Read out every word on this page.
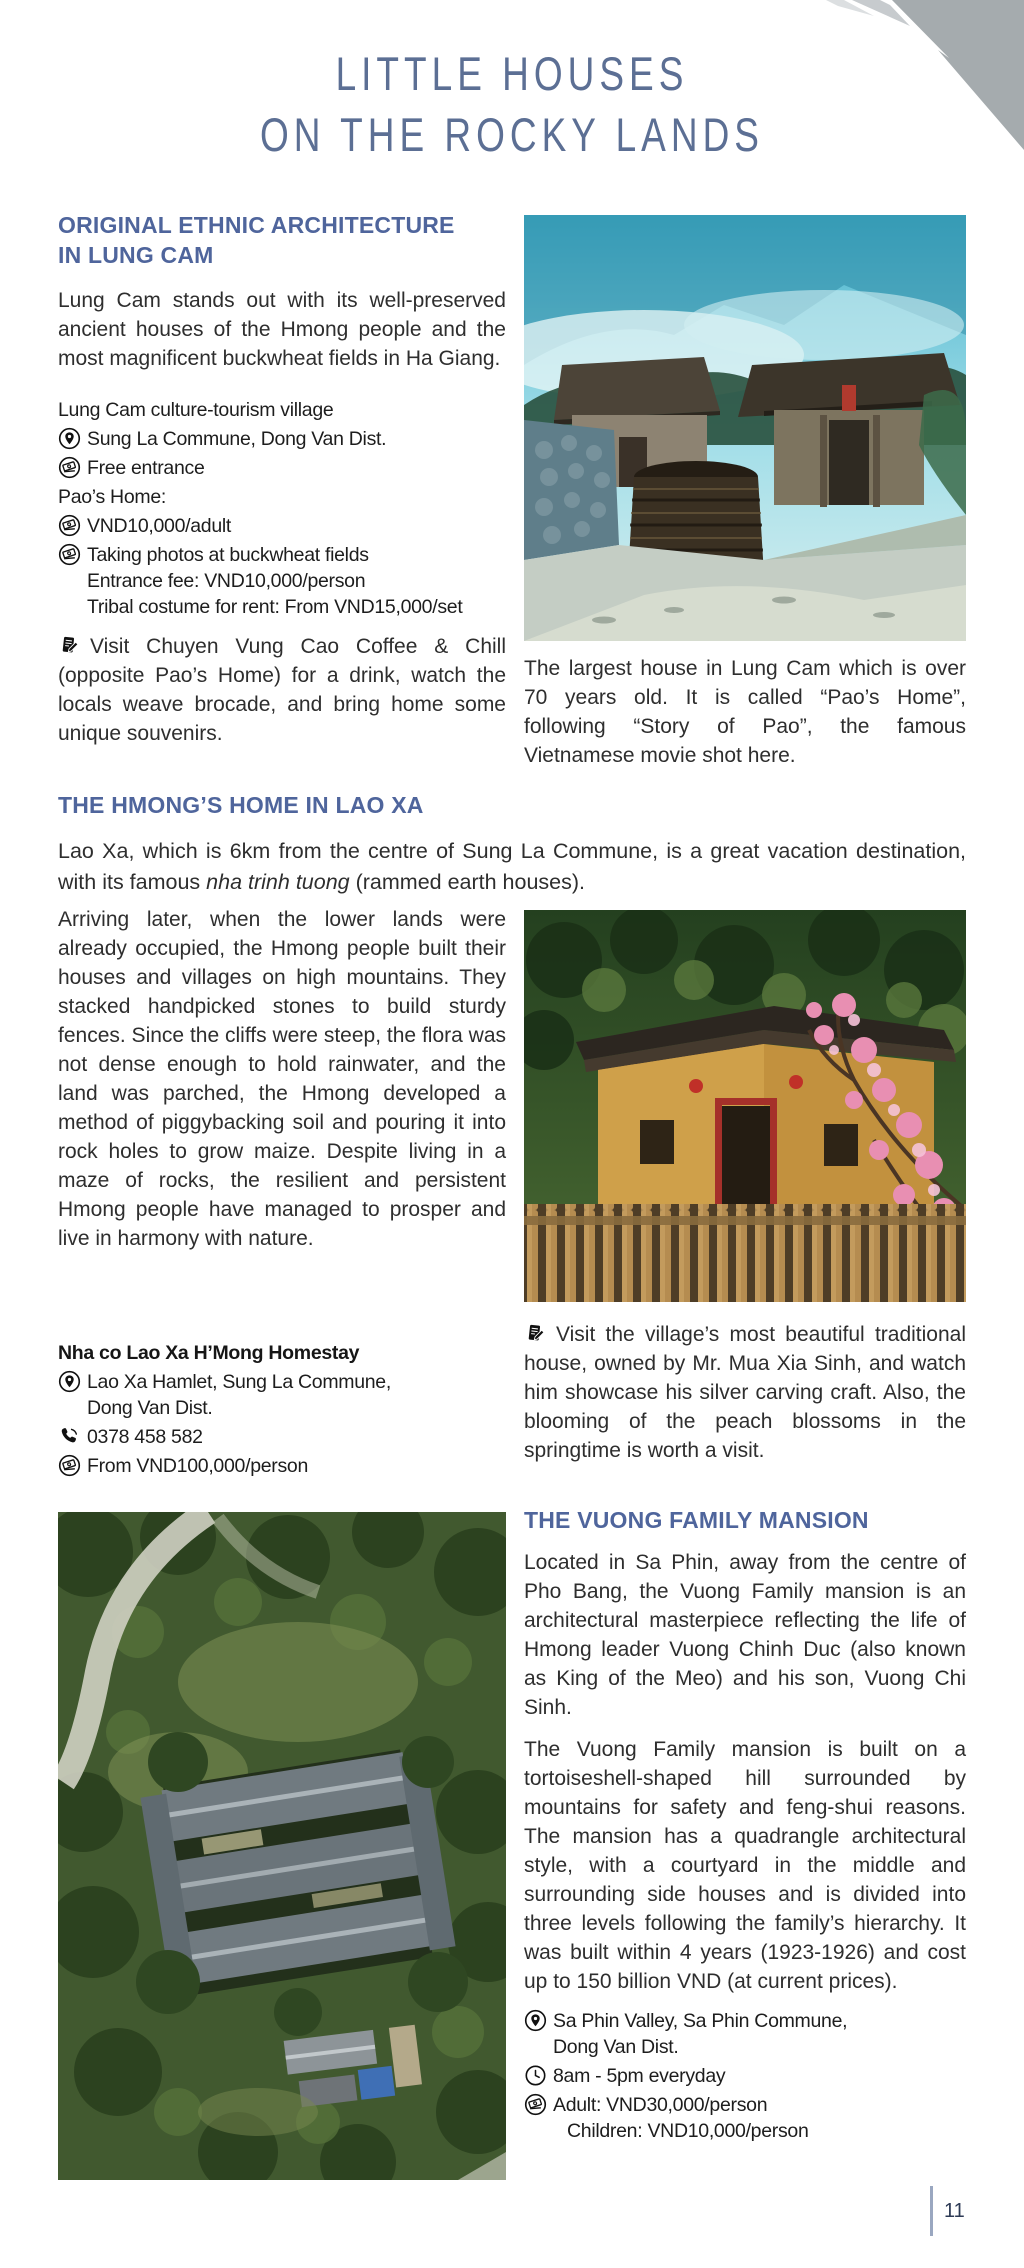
LITTLE HOUSES
ON THE ROCKY LANDS
ORIGINAL ETHNIC ARCHITECTURE
IN LUNG CAM

Lung Cam stands out with its well-preserved ancient houses of the Hmong people and the most magnificent buckwheat fields in Ha Giang.

Lung Cam culture-tourism village
Sung La Commune, Dong Van Dist.
Free entrance
Pao’s Home:
VND10,000/adult
Taking photos at buckwheat fields
Entrance fee: VND10,000/person
Tribal costume for rent: From VND15,000/set
Visit Chuyen Vung Cao Coffee & Chill (opposite Pao’s Home) for a drink, watch the locals weave brocade, and bring home some unique souvenirs.

The largest house in Lung Cam which is over 70 years old. It is called “Pao’s Home”, following “Story of Pao”, the famous Vietnamese movie shot here.

THE HMONG’S HOME IN LAO XA

Lao Xa, which is 6km from the centre of Sung La Commune, is a great vacation destination, with its famous nha trinh tuong (rammed earth houses).

Arriving later, when the lower lands were already occupied, the Hmong people built their houses and villages on high mountains. They stacked handpicked stones to build sturdy fences. Since the cliffs were steep, the flora was not dense enough to hold rainwater, and the land was parched, the Hmong developed a method of piggybacking soil and pouring it into rock holes to grow maize. Despite living in a maze of rocks, the resilient and persistent Hmong people have managed to prosper and live in harmony with nature.

Nha co Lao Xa H’Mong Homestay
Lao Xa Hamlet, Sung La Commune,
Dong Van Dist.
0378 458 582
From VND100,000/person
Visit the village’s most beautiful traditional house, owned by Mr. Mua Xia Sinh, and watch him showcase his silver carving craft. Also, the blooming of the peach blossoms in the springtime is worth a visit.
THE VUONG FAMILY MANSION

Located in Sa Phin, away from the centre of Pho Bang, the Vuong Family mansion is an architectural masterpiece reflecting the life of Hmong leader Vuong Chinh Duc (also known as King of the Meo) and his son, Vuong Chi Sinh.

The Vuong Family mansion is built on a tortoiseshell-shaped hill surrounded by mountains for safety and feng-shui reasons. The mansion has a quadrangle architectural style, with a courtyard in the middle and surrounding side houses and is divided into three levels following the family’s hierarchy. It was built within 4 years (1923-1926) and cost up to 150 billion VND (at current prices).

Sa Phin Valley, Sa Phin Commune,
Dong Van Dist.
8am - 5pm everyday
Adult: VND30,000/person
Children: VND10,000/person
11
